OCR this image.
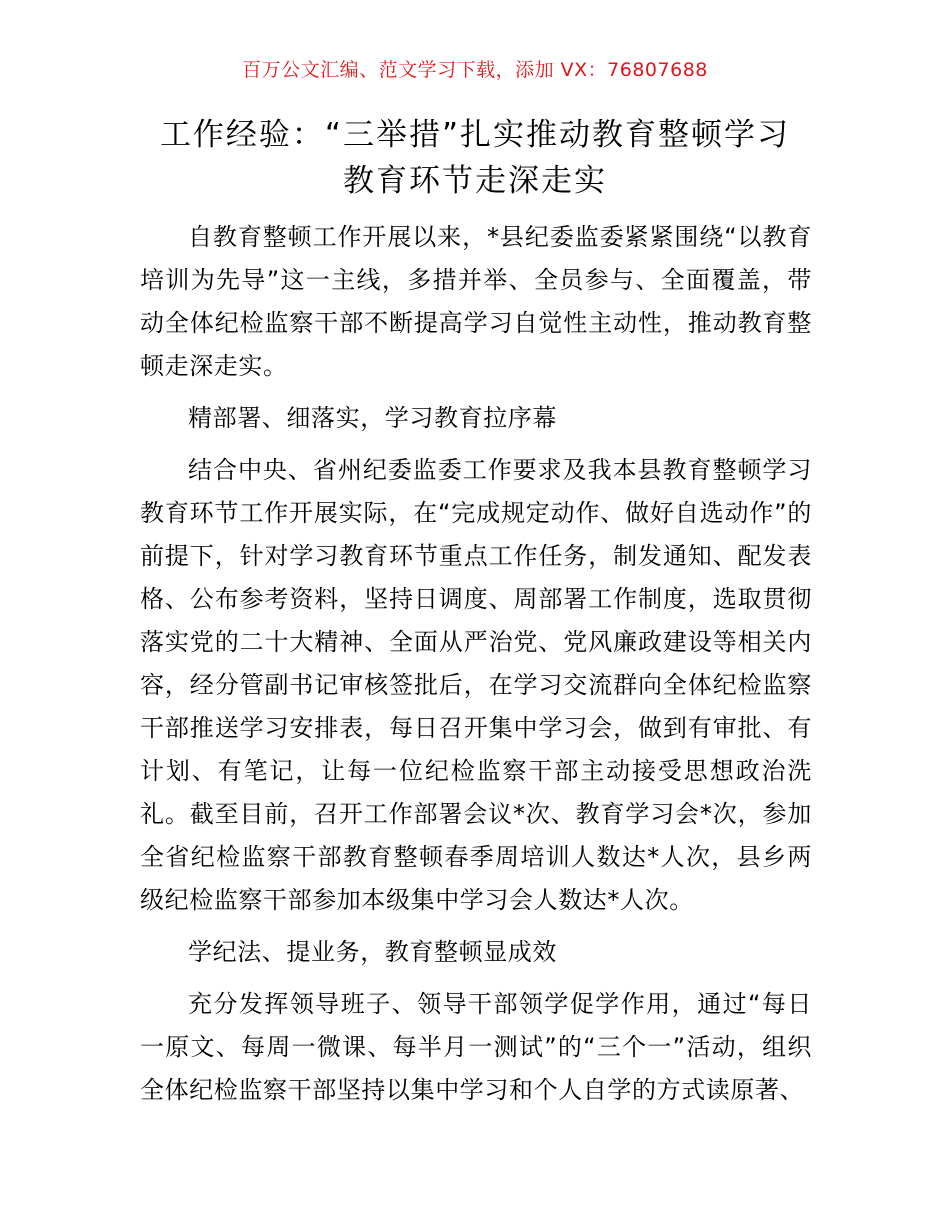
百万公文汇编、范文学习下载，添加 VX：76807688
工作经验：“三举措”扎实推动教育整顿学习
教育环节走深走实

自教育整顿工作开展以来，*县纪委监委紧紧围绕“以教育培训为先导”这一主线，多措并举、全员参与、全面覆盖，带动全体纪检监察干部不断提高学习自觉性主动性，推动教育整顿走深走实。

精部署、细落实，学习教育拉序幕

结合中央、省州纪委监委工作要求及我本县教育整顿学习教育环节工作开展实际，在“完成规定动作、做好自选动作”的前提下，针对学习教育环节重点工作任务，制发通知、配发表格、公布参考资料，坚持日调度、周部署工作制度，选取贯彻落实党的二十大精神、全面从严治党、党风廉政建设等相关内容，经分管副书记审核签批后，在学习交流群向全体纪检监察干部推送学习安排表，每日召开集中学习会，做到有审批、有计划、有笔记，让每一位纪检监察干部主动接受思想政治洗礼。截至目前，召开工作部署会议*次、教育学习会*次，参加全省纪检监察干部教育整顿春季周培训人数达*人次，县乡两级纪检监察干部参加本级集中学习会人数达*人次。

学纪法、提业务，教育整顿显成效

充分发挥领导班子、领导干部领学促学作用，通过“每日一原文、每周一微课、每半月一测试”的“三个一”活动，组织全体纪检监察干部坚持以集中学习和个人自学的方式读原著、
